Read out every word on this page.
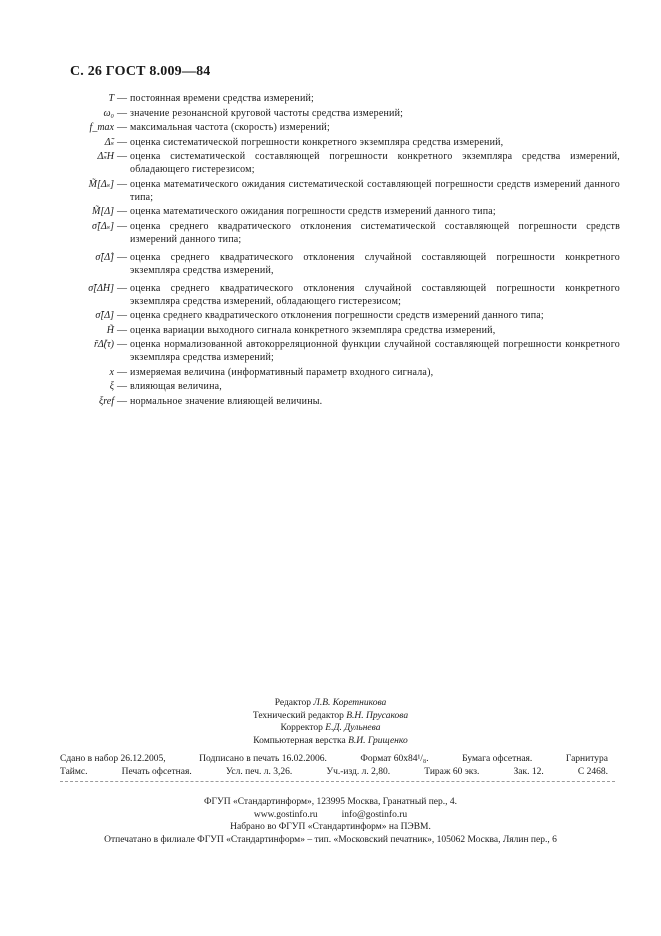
С. 26 ГОСТ 8.009—84
T — постоянная времени средства измерений;
ω₀ — значение резонансной круговой частоты средства измерений;
f_max — максимальная частота (скорость) измерений;
Δ̃ₛ — оценка систематической погрешности конкретного экземпляра средства измерений,
Δ̃ₛH — оценка систематической составляющей погрешности конкретного экземпляра средства измерений, обладающего гистерезисом;
M̃[Δₛ] — оценка математического ожидания систематической составляющей погрешности средств измерений данного типа;
M̃[Δ] — оценка математического ожидания погрешности средств измерений данного типа;
σ̃[Δₛ] — оценка среднего квадратического отклонения систематической составляющей погрешности средств измерений данного типа;
σ̃[Δ̊] — оценка среднего квадратического отклонения случайной составляющей погрешности конкретного экземпляра средства измерений,
σ̃[Δ̊H] — оценка среднего квадратического отклонения случайной составляющей погрешности конкретного экземпляра средства измерений, обладающего гистерезисом;
σ̃[Δ] — оценка среднего квадратического отклонения погрешности средств измерений данного типа;
H̃ — оценка вариации выходного сигнала конкретного экземпляра средства измерений,
r̃Δ̊(τ) — оценка нормализованной автокорреляционной функции случайной составляющей погрешности конкретного экземпляра средства измерений;
x — измеряемая величина (информативный параметр входного сигнала),
ξ — влияющая величина,
ξref — нормальное значение влияющей величины.
Редактор Л.В. Коретникова
Технический редактор В.Н. Прусакова
Корректор Е.Д. Дульнева
Компьютерная верстка В.И. Грищенко
Сдано в набор 26.12.2005,	Подписано в печать 16.02.2006.	Формат 60х84¹/₈.	Бумага офсетная.	Гарнитура
Таймс.	Печать офсетная.	Усл. печ. л. 3,26.	Уч.-изд. л. 2,80.	Тираж 60 экз.	Зак. 12.	С 2468.
ФГУП «Стандартинформ», 123995 Москва, Гранатный пер., 4.
www.gostinfo.ru	info@gostinfo.ru
Набрано во ФГУП «Стандартинформ» на ПЭВМ.
Отпечатано в филиале ФГУП «Стандартинформ» – тип. «Московский печатник», 105062 Москва, Лялин пер., 6
